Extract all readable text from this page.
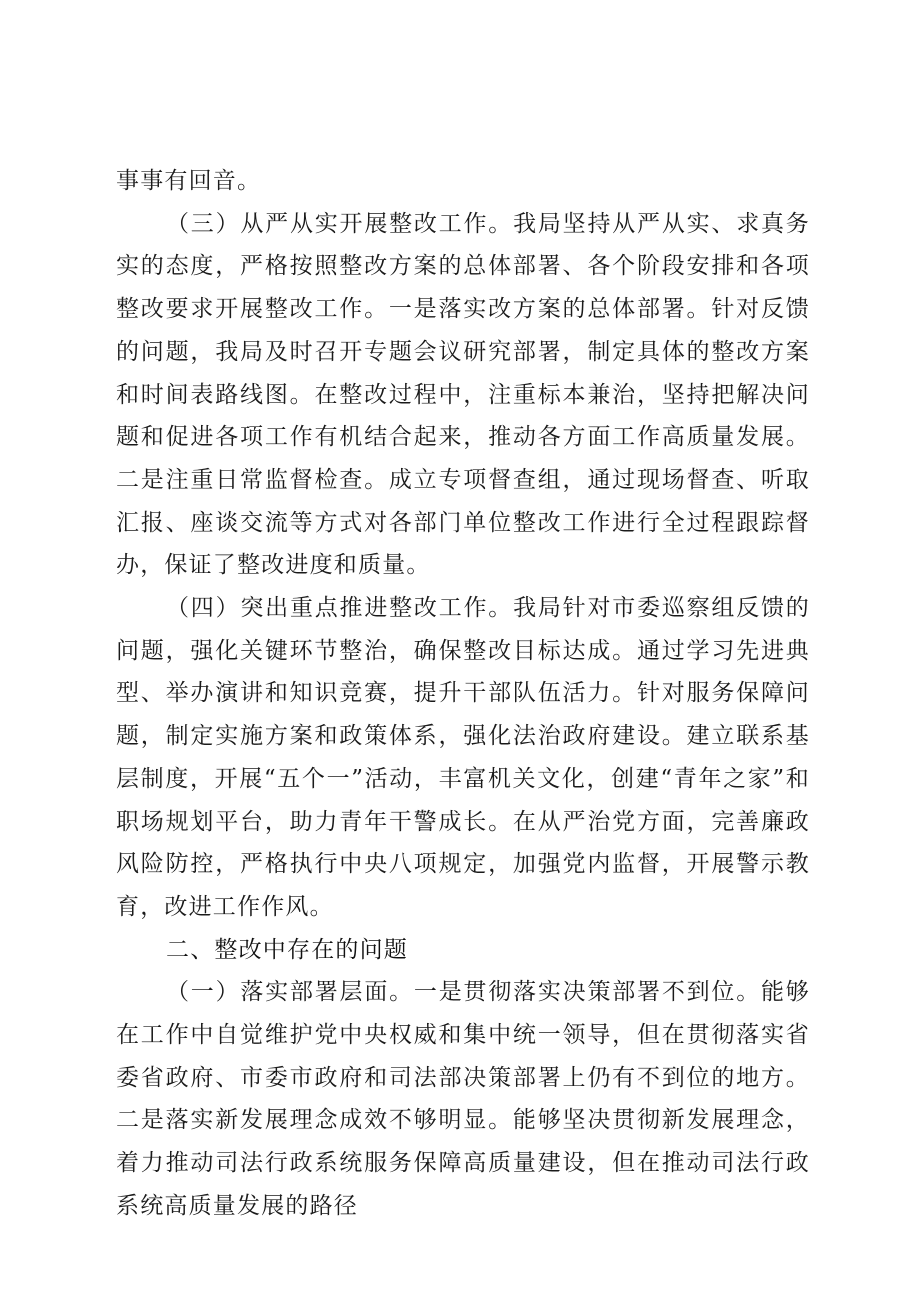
事事有回音。

（三）从严从实开展整改工作。我局坚持从严从实、求真务实的态度，严格按照整改方案的总体部署、各个阶段安排和各项整改要求开展整改工作。一是落实改方案的总体部署。针对反馈的问题，我局及时召开专题会议研究部署，制定具体的整改方案和时间表路线图。在整改过程中，注重标本兼治，坚持把解决问题和促进各项工作有机结合起来，推动各方面工作高质量发展。二是注重日常监督检查。成立专项督查组，通过现场督查、听取汇报、座谈交流等方式对各部门单位整改工作进行全过程跟踪督办，保证了整改进度和质量。

（四）突出重点推进整改工作。我局针对市委巡察组反馈的问题，强化关键环节整治，确保整改目标达成。通过学习先进典型、举办演讲和知识竞赛，提升干部队伍活力。针对服务保障问题，制定实施方案和政策体系，强化法治政府建设。建立联系基层制度，开展“五个一”活动，丰富机关文化，创建“青年之家”和职场规划平台，助力青年干警成长。在从严治党方面，完善廉政风险防控，严格执行中央八项规定，加强党内监督，开展警示教育，改进工作作风。

二、整改中存在的问题

（一）落实部署层面。一是贯彻落实决策部署不到位。能够在工作中自觉维护党中央权威和集中统一领导，但在贯彻落实省委省政府、市委市政府和司法部决策部署上仍有不到位的地方。二是落实新发展理念成效不够明显。能够坚决贯彻新发展理念，着力推动司法行政系统服务保障高质量建设，但在推动司法行政系统高质量发展的路径
